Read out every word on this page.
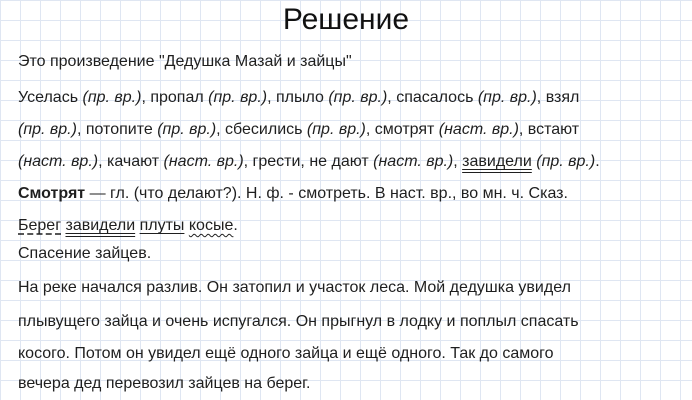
Решение
Это произведение "Дедушка Мазай и зайцы"
Уселась (пр. вр.), пропал (пр. вр.), плыло (пр. вр.), спасалось (пр. вр.), взял
(пр. вр.), потопите (пр. вр.), сбесились (пр. вр.), смотрят (наст. вр.), встают
(наст. вр.), качают (наст. вр.), грести, не дают (наст. вр.), завидели (пр. вр.).
Смотрят — гл. (что делают?). Н. ф. - смотреть. В наст. вр., во мн. ч. Сказ.
Берег завидели плуты косые.
Спасение зайцев.
На реке начался разлив. Он затопил и участок леса. Мой дедушка увидел
плывущего зайца и очень испугался. Он прыгнул в лодку и поплыл спасать
косого. Потом он увидел ещё одного зайца и ещё одного. Так до самого
вечера дед перевозил зайцев на берег.
